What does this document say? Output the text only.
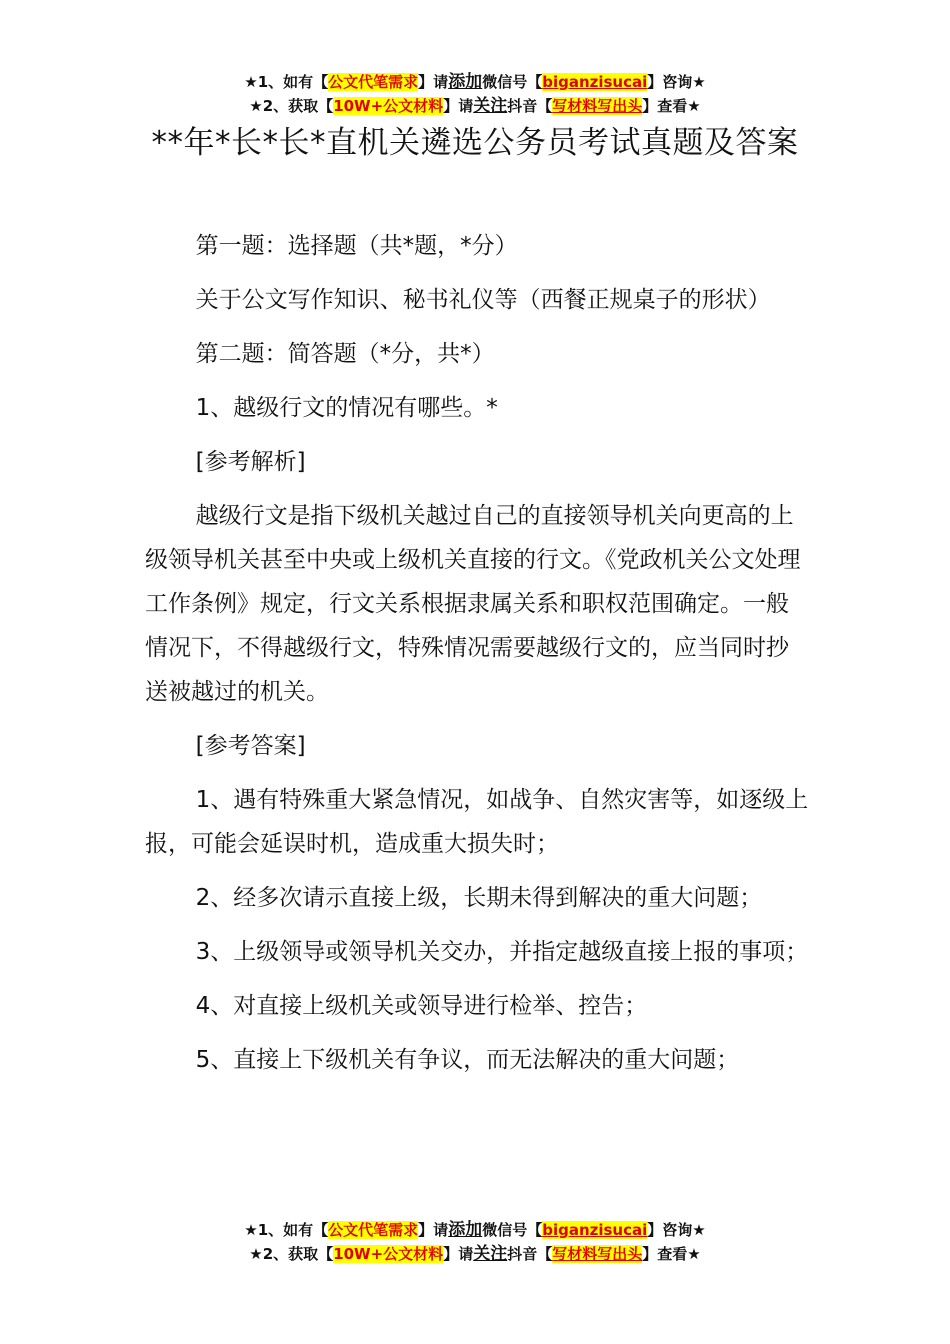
★1、如有【公文代笔需求】请添加微信号【biganzisucai】咨询★
★2、获取【10W+公文材料】请关注抖音【写材料写出头】查看★
**年*长*长*直机关遴选公务员考试真题及答案

第一题：选择题（共*题，*分）

关于公文写作知识、秘书礼仪等（西餐正规桌子的形状）

第二题：简答题（*分，共*）

1、越级行文的情况有哪些。*

[参考解析]

越级行文是指下级机关越过自己的直接领导机关向更高的上级领导机关甚至中央或上级机关直接的行文。《党政机关公文处理工作条例》规定，行文关系根据隶属关系和职权范围确定。一般情况下，不得越级行文，特殊情况需要越级行文的，应当同时抄送被越过的机关。

[参考答案]

1、遇有特殊重大紧急情况，如战争、自然灾害等，如逐级上报，可能会延误时机，造成重大损失时；

2、经多次请示直接上级，长期未得到解决的重大问题；

3、上级领导或领导机关交办，并指定越级直接上报的事项；

4、对直接上级机关或领导进行检举、控告；

5、直接上下级机关有争议，而无法解决的重大问题；

★1、如有【公文代笔需求】请添加微信号【biganzisucai】咨询★
★2、获取【10W+公文材料】请关注抖音【写材料写出头】查看★
